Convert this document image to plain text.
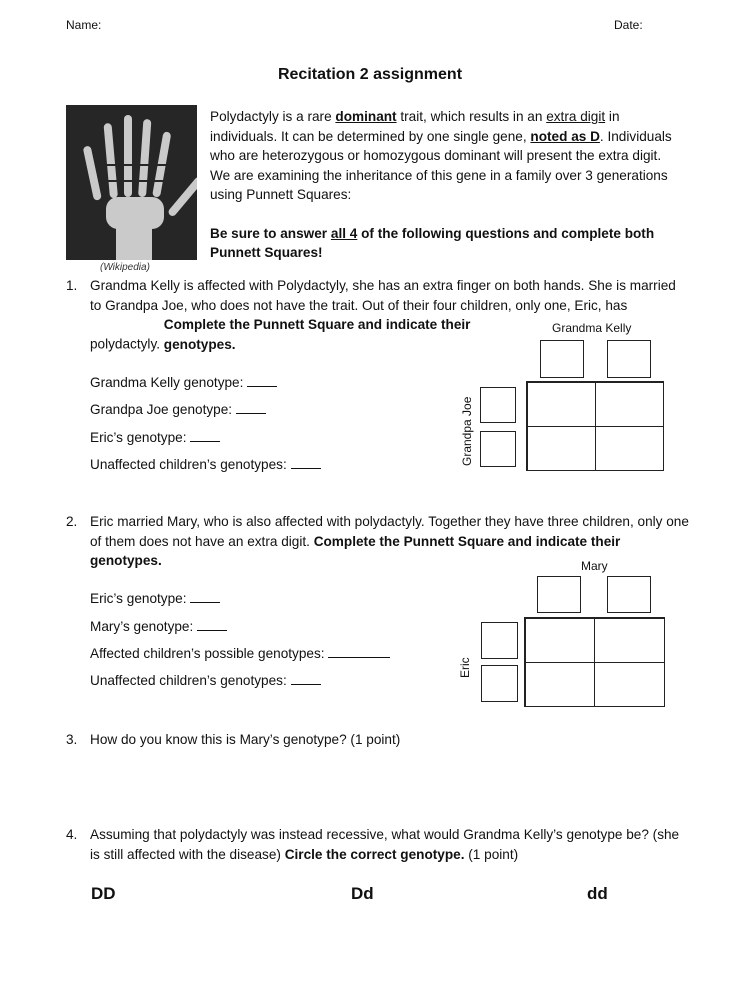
Name:	Date:
Recitation 2 assignment
(Wikipedia)
Polydactyly is a rare dominant trait, which results in an extra digit in individuals. It can be determined by one single gene, noted as D. Individuals who are heterozygous or homozygous dominant will present the extra digit. We are examining the inheritance of this gene in a family over 3 generations using Punnett Squares:
Be sure to answer all 4 of the following questions and complete both Punnett Squares!
1. Grandma Kelly is affected with Polydactyly, she has an extra finger on both hands. She is married to Grandpa Joe, who does not have the trait. Out of their four children, only one, Eric, has polydactyly. Complete the Punnett Square and indicate their genotypes.
Grandma Kelly genotype:
Grandpa Joe genotype:
Eric’s genotype:
Unaffected children’s genotypes:
Grandma Kelly
Grandpa Joe
2. Eric married Mary, who is also affected with polydactyly. Together they have three children, only one of them does not have an extra digit. Complete the Punnett Square and indicate their genotypes.
Eric’s genotype:
Mary’s genotype:
Affected children’s possible genotypes:
Unaffected children’s genotypes:
Mary
Eric
3. How do you know this is Mary’s genotype? (1 point)
4. Assuming that polydactyly was instead recessive, what would Grandma Kelly’s genotype be? (she is still affected with the disease) Circle the correct genotype. (1 point)
DD	Dd	dd
